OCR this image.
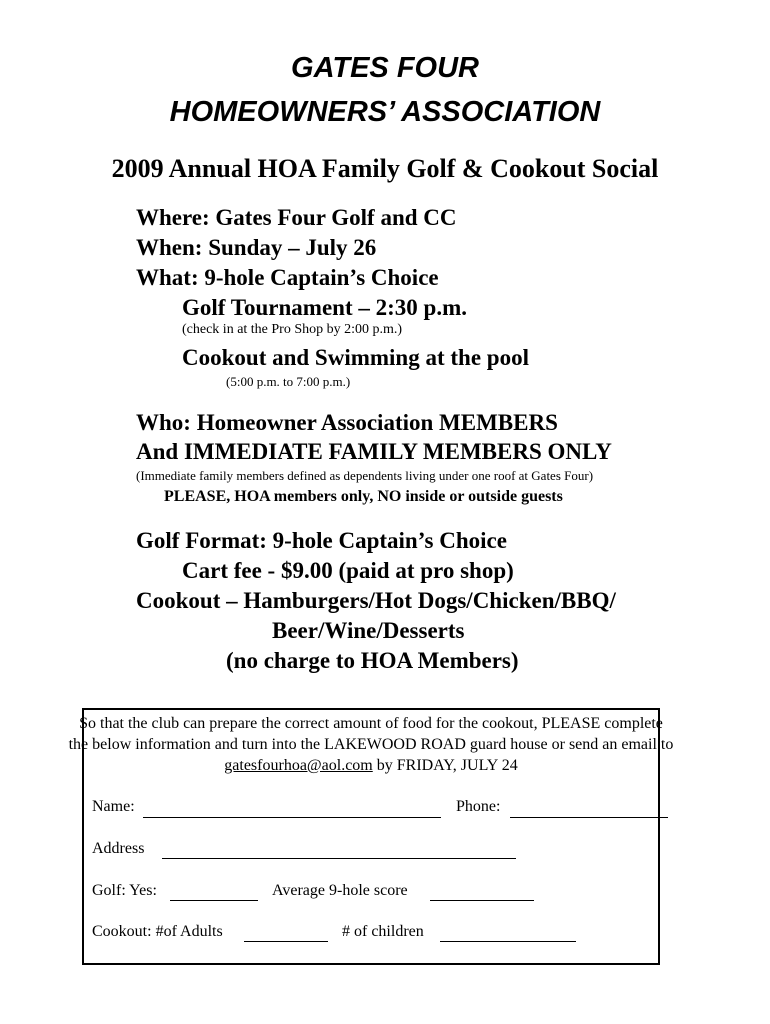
GATES FOUR
HOMEOWNERS’ ASSOCIATION
2009 Annual HOA Family Golf & Cookout Social
Where: Gates Four Golf and CC
When: Sunday – July 26
What: 9-hole Captain’s Choice
Golf Tournament – 2:30 p.m.
(check in at the Pro Shop by 2:00 p.m.)
Cookout and Swimming at the pool
(5:00 p.m. to 7:00 p.m.)
Who: Homeowner Association MEMBERS
And IMMEDIATE FAMILY MEMBERS ONLY
(Immediate family members defined as dependents living under one roof at Gates Four)
PLEASE, HOA members only, NO inside or outside guests
Golf Format: 9-hole Captain’s Choice
Cart fee - $9.00 (paid at pro shop)
Cookout – Hamburgers/Hot Dogs/Chicken/BBQ/
Beer/Wine/Desserts
(no charge to HOA Members)
So that the club can prepare the correct amount of food for the cookout, PLEASE complete the below information and turn into the LAKEWOOD ROAD guard house or send an email to gatesfourhoa@aol.com by FRIDAY, JULY 24
Name:	Phone:
Address
Golf: Yes:	Average 9-hole score
Cookout: #of Adults	# of children
